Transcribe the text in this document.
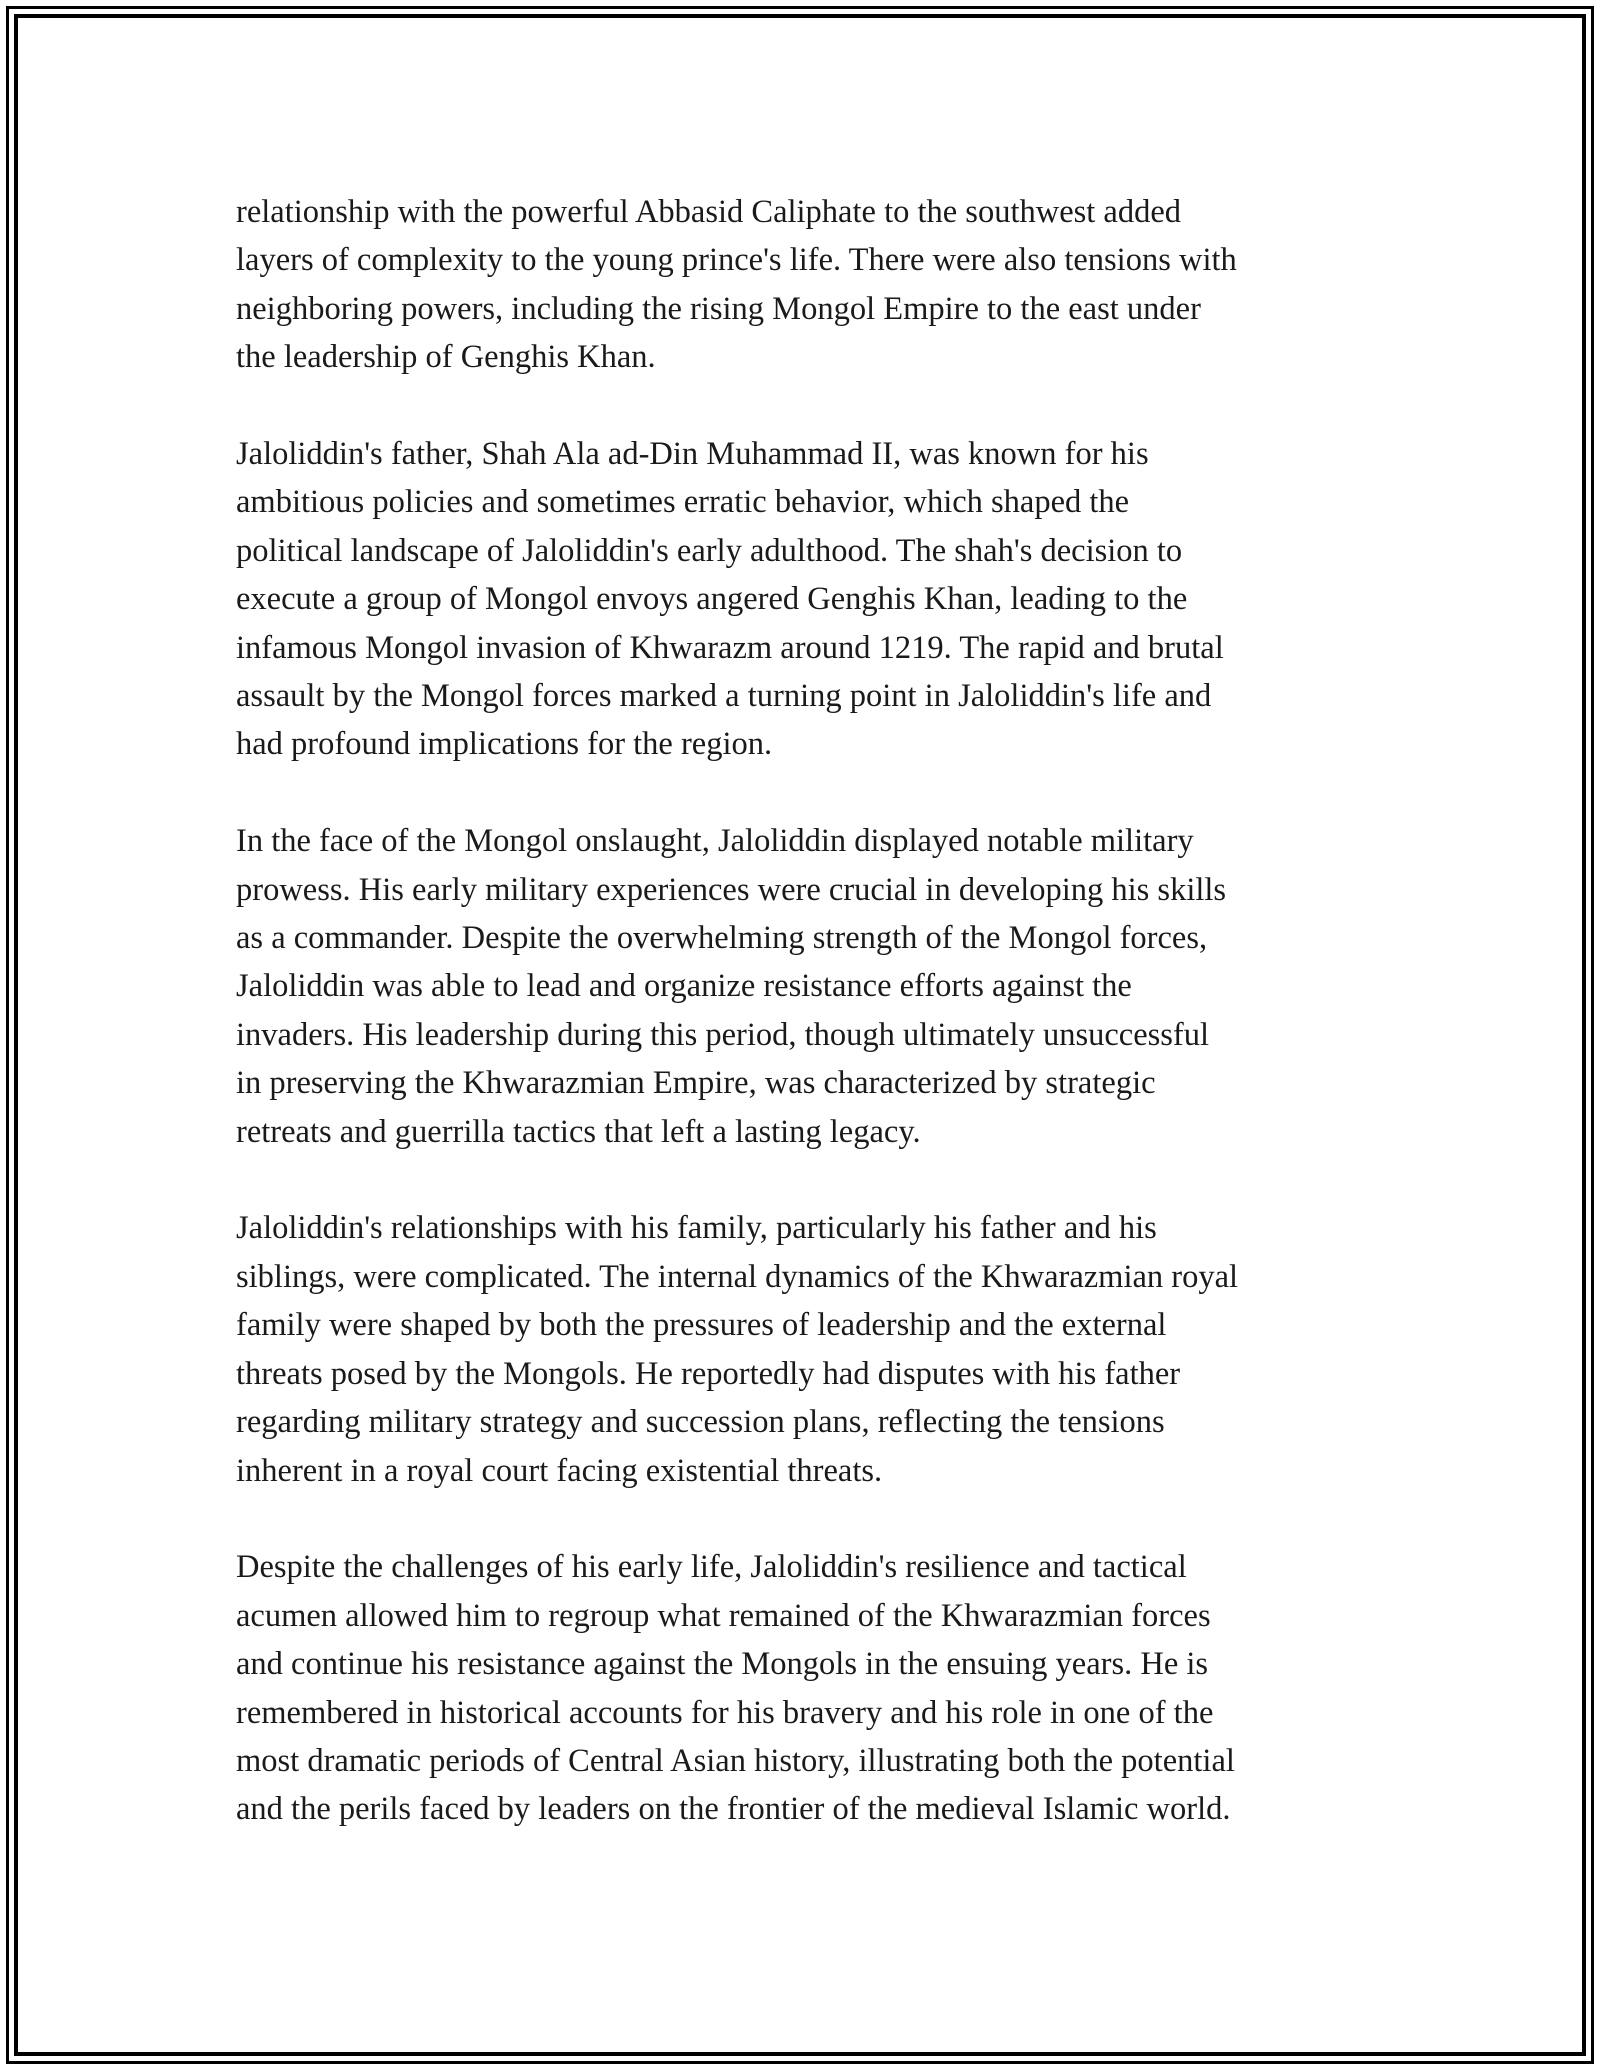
relationship with the powerful Abbasid Caliphate to the southwest added
layers of complexity to the young prince's life. There were also tensions with
neighboring powers, including the rising Mongol Empire to the east under
the leadership of Genghis Khan.

Jaloliddin's father, Shah Ala ad-Din Muhammad II, was known for his
ambitious policies and sometimes erratic behavior, which shaped the
political landscape of Jaloliddin's early adulthood. The shah's decision to
execute a group of Mongol envoys angered Genghis Khan, leading to the
infamous Mongol invasion of Khwarazm around 1219. The rapid and brutal
assault by the Mongol forces marked a turning point in Jaloliddin's life and
had profound implications for the region.

In the face of the Mongol onslaught, Jaloliddin displayed notable military
prowess. His early military experiences were crucial in developing his skills
as a commander. Despite the overwhelming strength of the Mongol forces,
Jaloliddin was able to lead and organize resistance efforts against the
invaders. His leadership during this period, though ultimately unsuccessful
in preserving the Khwarazmian Empire, was characterized by strategic
retreats and guerrilla tactics that left a lasting legacy.

Jaloliddin's relationships with his family, particularly his father and his
siblings, were complicated. The internal dynamics of the Khwarazmian royal
family were shaped by both the pressures of leadership and the external
threats posed by the Mongols. He reportedly had disputes with his father
regarding military strategy and succession plans, reflecting the tensions
inherent in a royal court facing existential threats.

Despite the challenges of his early life, Jaloliddin's resilience and tactical
acumen allowed him to regroup what remained of the Khwarazmian forces
and continue his resistance against the Mongols in the ensuing years. He is
remembered in historical accounts for his bravery and his role in one of the
most dramatic periods of Central Asian history, illustrating both the potential
and the perils faced by leaders on the frontier of the medieval Islamic world.
